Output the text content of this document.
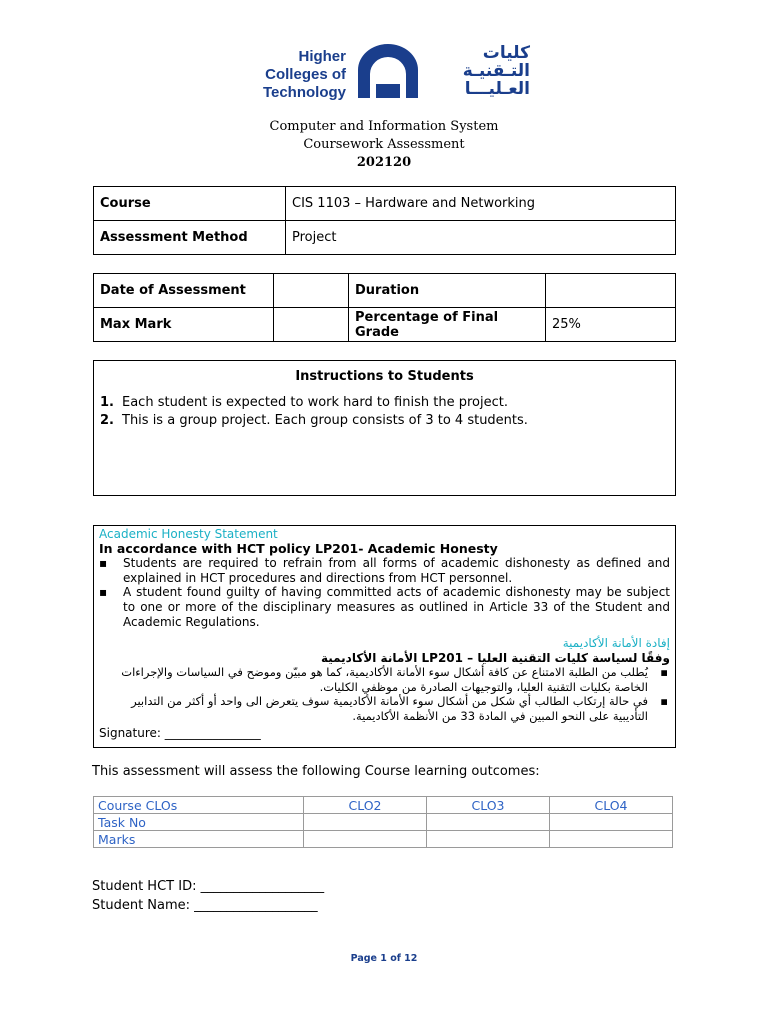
Higher
Colleges of
Technology
كليات
التـقنيـة
العـليـــا
Computer and Information System
Coursework Assessment
202120
Course	CIS 1103 – Hardware and Networking
Assessment Method	Project
Date of Assessment		Duration	
Max Mark		Percentage of Final Grade	25%
Instructions to Students
1. Each student is expected to work hard to finish the project.
2. This is a group project. Each group consists of 3 to 4 students.
Academic Honesty Statement
In accordance with HCT policy LP201- Academic Honesty
▪ Students are required to refrain from all forms of academic dishonesty as defined and explained in HCT procedures and directions from HCT personnel.
▪ A student found guilty of having committed acts of academic dishonesty may be subject to one or more of the disciplinary measures as outlined in Article 33 of the Student and Academic Regulations.
إفادة الأمانة الأكاديمية
وفقًا لسياسة كليات التقنية العليا – LP201 الأمانة الأكاديمية
▪
يُطلب من الطلبة الامتناع عن كافة أشكال سوء الأمانة الأكاديمية، كما هو مبيّن وموضح في السياسات والإجراءات الخاصة بكليات التقنية العليا، والتوجيهات الصادرة من موظفي الكليات.
▪
في حالة إرتكاب الطالب أي شكل من أشكال سوء الأمانة الأكاديمية سوف يتعرض الى واحد أو أكثر من التدابير التأديبية على النحو المبين في المادة 33 من الأنظمة الأكاديمية.
Signature: ________________
This assessment will assess the following Course learning outcomes:
Course CLOs	CLO2	CLO3	CLO4
Task No			
Marks			
Student HCT ID: ___________________
Student Name: ___________________
Page 1 of 12
